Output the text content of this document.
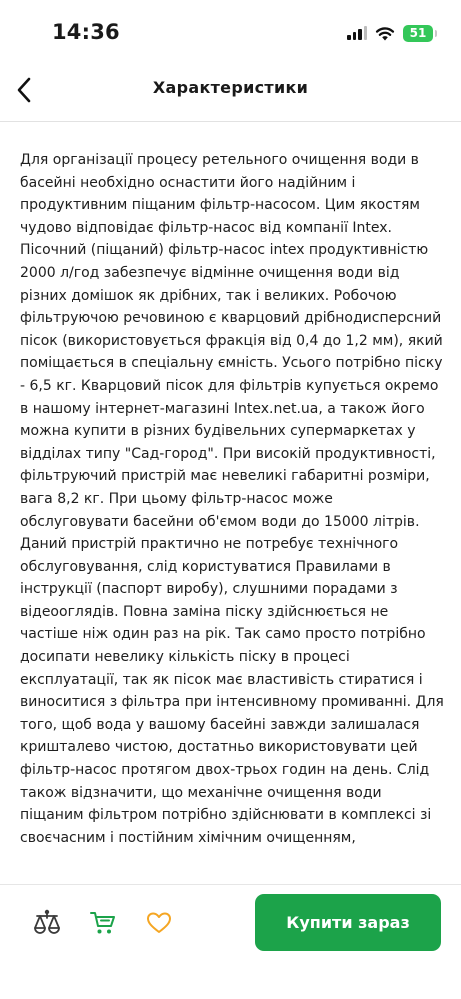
14:36	51
Характеристики
Для організації процесу ретельного очищення води в басейні необхідно оснастити його надійним і продуктивним піщаним фільтр-насосом. Цим якостям чудово відповідає фільтр-насос від компанії Intex. Пісочний (піщаний) фільтр-насос intex продуктивністю 2000 л/год забезпечує відмінне очищення води від різних домішок як дрібних, так і великих. Робочою фільтруючою речовиною є кварцовий дрібнодисперсний пісок (використовується фракція від 0,4 до 1,2 мм), який поміщається в спеціальну ємність. Усього потрібно піску - 6,5 кг. Кварцовий пісок для фільтрів купується окремо в нашому інтернет-магазині Intex.net.ua, а також його можна купити в різних будівельних супермаркетах у відділах типу "Сад-город". При високій продуктивності, фільтруючий пристрій має невеликі габаритні розміри, вага 8,2 кг. При цьому фільтр-насос може обслуговувати басейни об'ємом води до 15000 літрів. Даний пристрій практично не потребує технічного обслуговування, слід користуватися Правилами в інструкції (паспорт виробу), слушними порадами з відеооглядів. Повна заміна піску здійснюється не частіше ніж один раз на рік. Так само просто потрібно досипати невелику кількість піску в процесі експлуатації, так як пісок має властивість стиратися і виноситися з фільтра при інтенсивному промиванні. Для того, щоб вода у вашому басейні завжди залишалася кришталево чистою, достатньо використовувати цей фільтр-насос протягом двох-трьох годин на день. Слід також відзначити, що механічне очищення води піщаним фільтром потрібно здійснювати в комплексі зі своєчасним і постійним хімічним очищенням,
Купити зараз
